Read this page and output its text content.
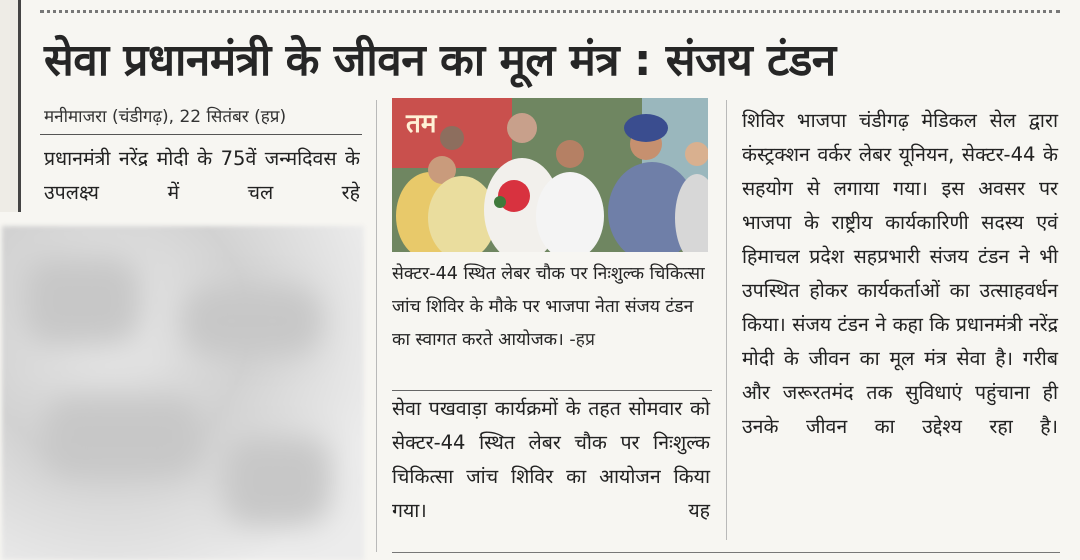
सेवा प्रधानमंत्री के जीवन का मूल मंत्र : संजय टंडन
मनीमाजरा (चंडीगढ़), 22 सितंबर (हप्र)
प्रधानमंत्री नरेंद्र मोदी के 75वें जन्मदिवस के उपलक्ष्य में चल रहे
तम
सेक्टर-44 स्थित लेबर चौक पर निःशुल्क चिकित्सा जांच शिविर के मौके पर भाजपा नेता संजय टंडन का स्वागत करते आयोजक। -हप्र
सेवा पखवाड़ा कार्यक्रमों के तहत सोमवार को सेक्टर-44 स्थित लेबर चौक पर निःशुल्क चिकित्सा जांच शिविर का आयोजन किया गया। यह
शिविर भाजपा चंडीगढ़ मेडिकल सेल द्वारा कंस्ट्रक्शन वर्कर लेबर यूनियन, सेक्टर-44 के सहयोग से लगाया गया। इस अवसर पर भाजपा के राष्ट्रीय कार्यकारिणी सदस्य एवं हिमाचल प्रदेश सहप्रभारी संजय टंडन ने भी उपस्थित होकर कार्यकर्ताओं का उत्साहवर्धन किया। संजय टंडन ने कहा कि प्रधानमंत्री नरेंद्र मोदी के जीवन का मूल मंत्र सेवा है। गरीब और जरूरतमंद तक सुविधाएं पहुंचाना ही उनके जीवन का उद्देश्य रहा है।
